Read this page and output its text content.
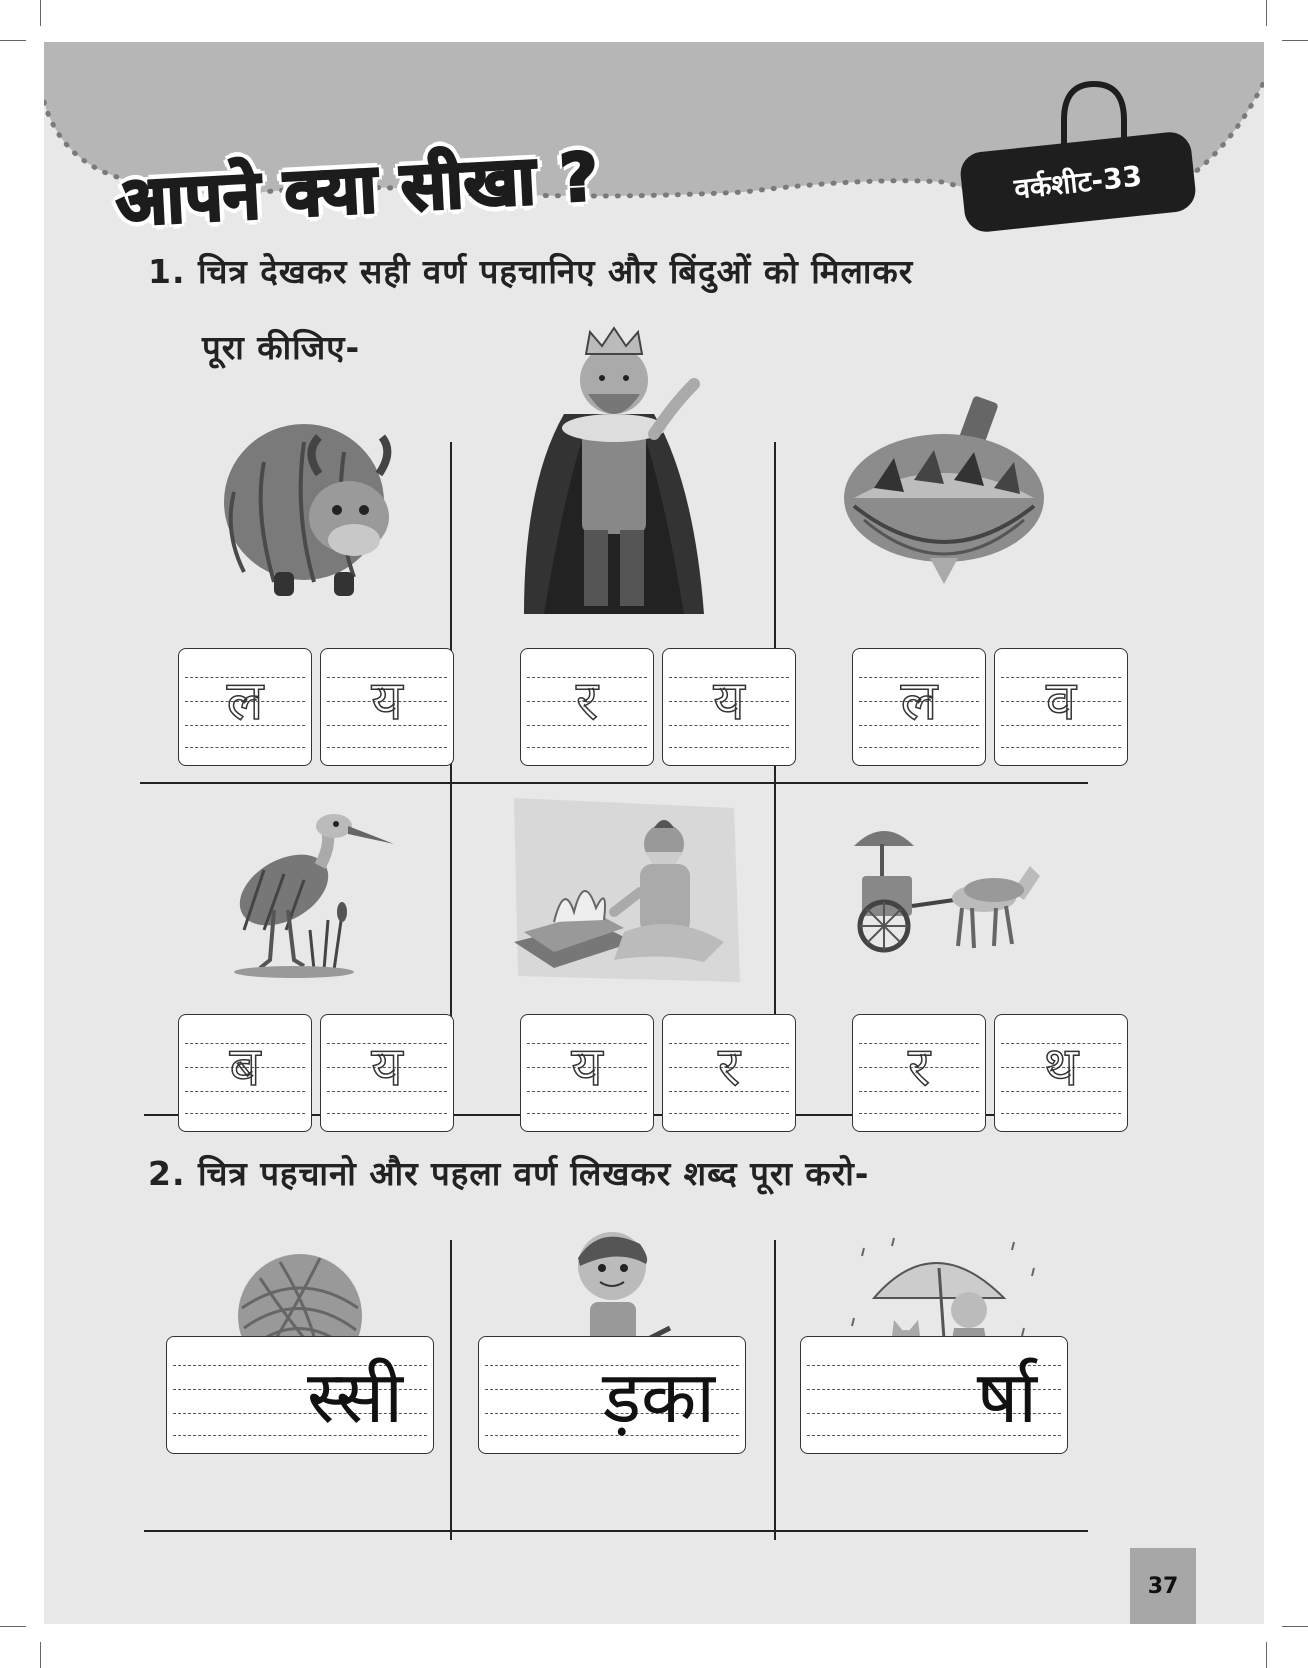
आपने क्या सीखा ?	वर्कशीट-33
1. चित्र देखकर सही वर्ण पहचानिए और बिंदुओं को मिलाकर
पूरा कीजिए-
ल	य	र	य	ल	व
ब	य	य	र	र	थ
2. चित्र पहचानो और पहला वर्ण लिखकर शब्द पूरा करो-
स्सी	ड़का	र्षा
37
